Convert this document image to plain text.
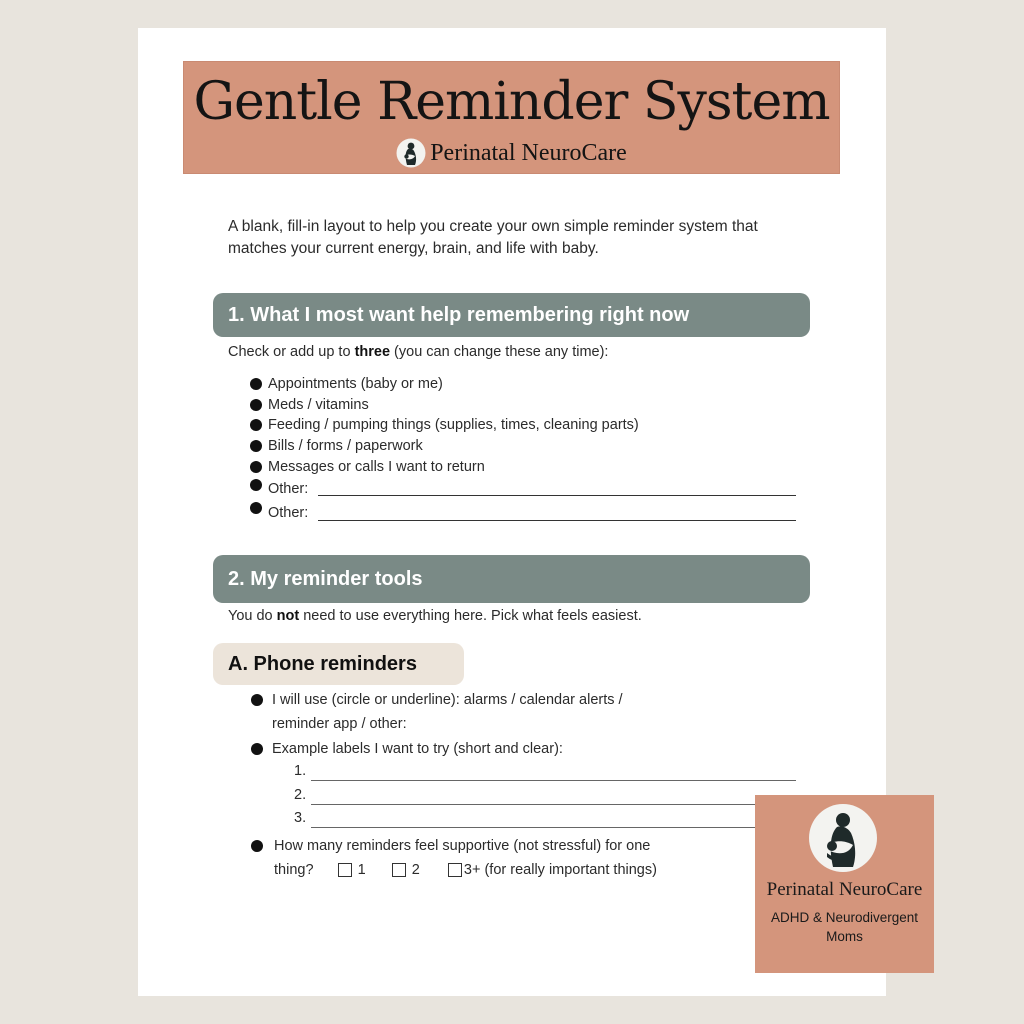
Gentle Reminder System
Perinatal NeuroCare
A blank, fill-in layout to help you create your own simple reminder system that matches your current energy, brain, and life with baby.
1. What I most want help remembering right now
Check or add up to three (you can change these any time):
Appointments (baby or me)
Meds / vitamins
Feeding / pumping things (supplies, times, cleaning parts)
Bills / forms / paperwork
Messages or calls I want to return
Other:
Other:
2. My reminder tools
You do not need to use everything here. Pick what feels easiest.
A. Phone reminders
I will use (circle or underline): alarms / calendar alerts /
reminder app / other:
Example labels I want to try (short and clear):
1.
2.
3.
How many reminders feel supportive (not stressful) for one
thing?	1	2	3+ (for really important things)
Perinatal NeuroCare
ADHD & Neurodivergent Moms
